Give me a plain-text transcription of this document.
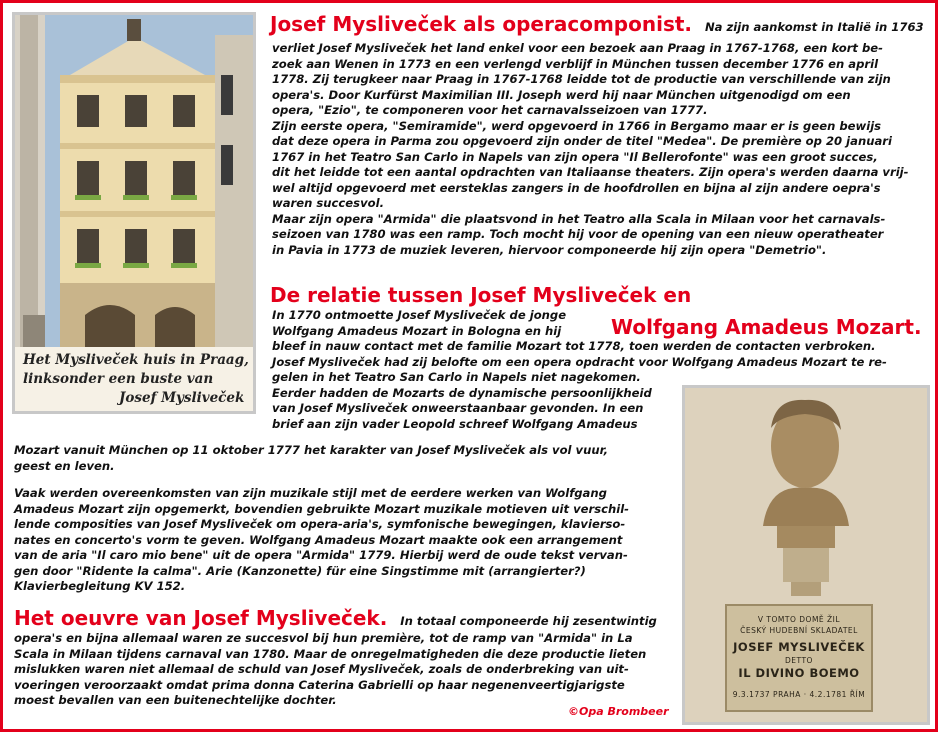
Het Mysliveček huis in Praag,
linksonder een buste van
Josef Mysliveček

Josef Mysliveček als operacomponist. Na zijn aankomst in Italië in 1763

verliet Josef Mysliveček het land enkel voor een bezoek aan Praag in 1767-1768, een kort be-
zoek aan Wenen in 1773 en een verlengd verblijf in München tussen december 1776 en april
1778. Zij terugkeer naar Praag in 1767-1768 leidde tot de productie van verschillende van zijn
opera's. Door Kurfürst Maximilian III. Joseph werd hij naar München uitgenodigd om een
opera, "Ezio", te componeren voor het carnavalsseizoen van 1777.
Zijn eerste opera, "Semiramide", werd opgevoerd in 1766 in Bergamo maar er is geen bewijs
dat deze opera in Parma zou opgevoerd zijn onder de titel "Medea". De première op 20 januari
1767 in het Teatro San Carlo in Napels van zijn opera "Il Bellerofonte" was een groot succes,
dit het leidde tot een aantal opdrachten van Italiaanse theaters. Zijn opera's werden daarna vrij-
wel altijd opgevoerd met eersteklas zangers in de hoofdrollen en bijna al zijn andere oepra's
waren succesvol.
Maar zijn opera "Armida" die plaatsvond in het Teatro alla Scala in Milaan voor het carnavals-
seizoen van 1780 was een ramp. Toch mocht hij voor de opening van een nieuw operatheater
in Pavia in 1773 de muziek leveren, hiervoor componeerde hij zijn opera "Demetrio".

De relatie tussen Josef Mysliveček en

Wolfgang Amadeus Mozart.

In 1770 ontmoette Josef Mysliveček de jonge
Wolfgang Amadeus Mozart in Bologna en hij
bleef in nauw contact met de familie Mozart tot 1778, toen werden de contacten verbroken.
Josef Mysliveček had zij belofte om een opera opdracht voor Wolfgang Amadeus Mozart te re-
gelen in het Teatro San Carlo in Napels niet nagekomen.
Eerder hadden de Mozarts de dynamische persoonlijkheid
van Josef Mysliveček onweerstaanbaar gevonden. In een
brief aan zijn vader Leopold schreef Wolfgang Amadeus
Mozart vanuit München op 11 oktober 1777 het karakter van Josef Mysliveček als vol vuur,
geest en leven.
Vaak werden overeenkomsten van zijn muzikale stijl met de eerdere werken van Wolfgang
Amadeus Mozart zijn opgemerkt, bovendien gebruikte Mozart muzikale motieven uit verschil-
lende composities van Josef Mysliveček om opera-aria's, symfonische bewegingen, klavierso-
nates en concerto's vorm te geven. Wolfgang Amadeus Mozart maakte ook een arrangement
van de aria "Il caro mio bene" uit de opera "Armida" 1779. Hierbij werd de oude tekst vervan-
gen door "Ridente la calma". Arie (Kanzonette) für eine Singstimme mit (arrangierter?)
Klavierbegleitung KV 152.

Het oeuvre van Josef Mysliveček. In totaal componeerde hij zesentwintig

opera's en bijna allemaal waren ze succesvol bij hun première, tot de ramp van "Armida" in La
Scala in Milaan tijdens carnaval van 1780. Maar de onregelmatigheden die deze productie lieten
mislukken waren niet allemaal de schuld van Josef Mysliveček, zoals de onderbreking van uit-
voeringen veroorzaakt omdat prima donna Caterina Gabrielli op haar negenenveertigjarigste
moest bevallen van een buitenechtelijke dochter.
©Opa Brombeer
V TOMTO DOMĚ ŽIL
ČESKÝ HUDEBNÍ SKLADATEL
JOSEF MYSLIVEČEK
DETTO
IL DIVINO BOEMO
9.3.1737 PRAHA · 4.2.1781 ŘÍM
